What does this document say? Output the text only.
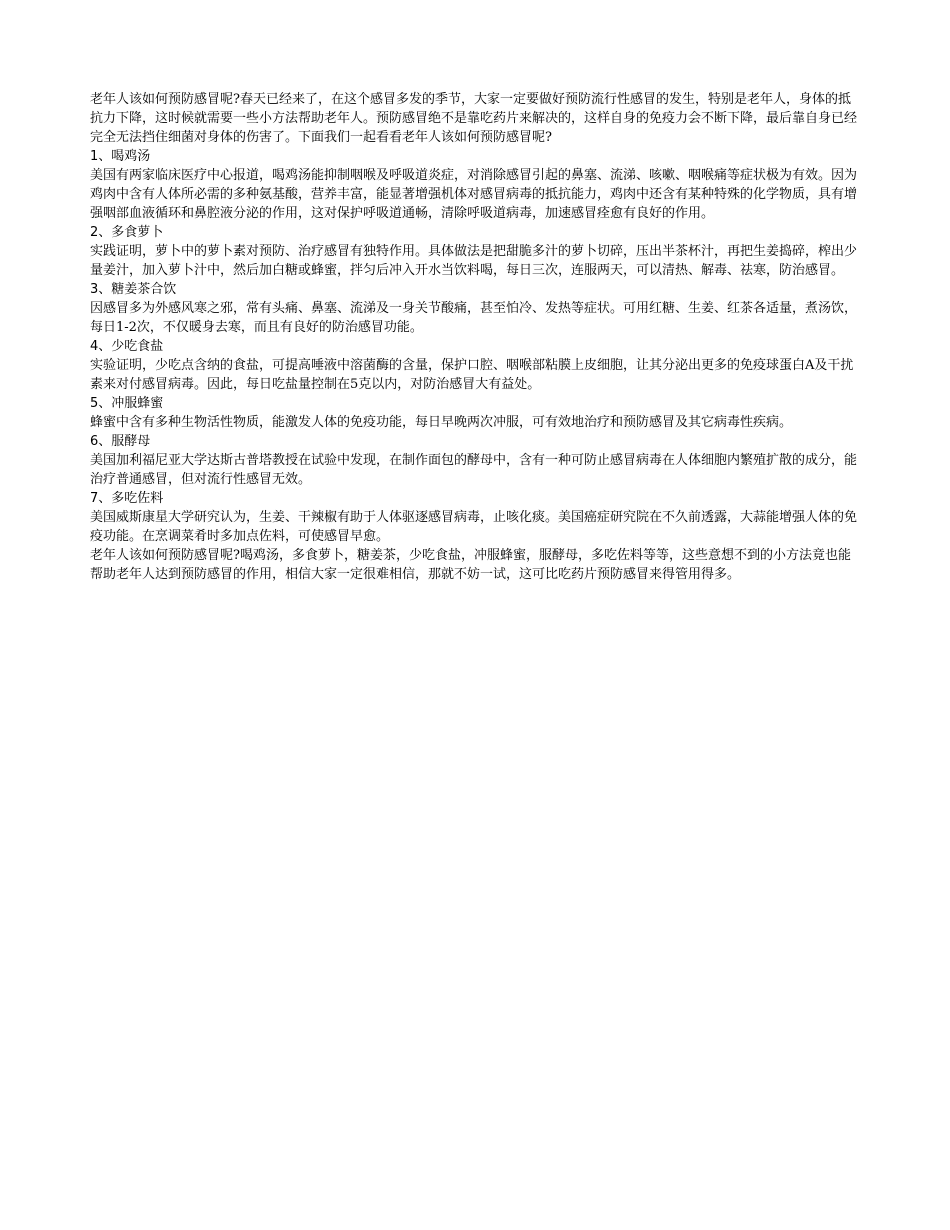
老年人该如何预防感冒呢?春天已经来了，在这个感冒多发的季节，大家一定要做好预防流行性感冒的发生，特别是老年人，身体的抵抗力下降，这时候就需要一些小方法帮助老年人。预防感冒绝不是靠吃药片来解决的，这样自身的免疫力会不断下降，最后靠自身已经完全无法挡住细菌对身体的伤害了。下面我们一起看看老年人该如何预防感冒呢?

1、喝鸡汤

美国有两家临床医疗中心报道，喝鸡汤能抑制咽喉及呼吸道炎症，对消除感冒引起的鼻塞、流涕、咳嗽、咽喉痛等症状极为有效。因为鸡肉中含有人体所必需的多种氨基酸，营养丰富，能显著增强机体对感冒病毒的抵抗能力，鸡肉中还含有某种特殊的化学物质，具有增强咽部血液循环和鼻腔液分泌的作用，这对保护呼吸道通畅，清除呼吸道病毒，加速感冒痊愈有良好的作用。

2、多食萝卜

实践证明，萝卜中的萝卜素对预防、治疗感冒有独特作用。具体做法是把甜脆多汁的萝卜切碎，压出半茶杯汁，再把生姜捣碎，榨出少量姜汁，加入萝卜汁中，然后加白糖或蜂蜜，拌匀后冲入开水当饮料喝，每日三次，连服两天，可以清热、解毒、祛寒，防治感冒。

3、糖姜茶合饮

因感冒多为外感风寒之邪，常有头痛、鼻塞、流涕及一身关节酸痛，甚至怕冷、发热等症状。可用红糖、生姜、红茶各适量，煮汤饮，每日1-2次，不仅暖身去寒，而且有良好的防治感冒功能。

4、少吃食盐

实验证明，少吃点含纳的食盐，可提高唾液中溶菌酶的含量，保护口腔、咽喉部粘膜上皮细胞，让其分泌出更多的免疫球蛋白A及干扰素来对付感冒病毒。因此，每日吃盐量控制在5克以内，对防治感冒大有益处。

5、冲服蜂蜜

蜂蜜中含有多种生物活性物质，能激发人体的免疫功能，每日早晚两次冲服，可有效地治疗和预防感冒及其它病毒性疾病。

6、服酵母

美国加利福尼亚大学达斯古普塔教授在试验中发现，在制作面包的酵母中，含有一种可防止感冒病毒在人体细胞内繁殖扩散的成分，能治疗普通感冒，但对流行性感冒无效。

7、多吃佐料

美国威斯康星大学研究认为，生姜、干辣椒有助于人体驱逐感冒病毒，止咳化痰。美国癌症研究院在不久前透露，大蒜能增强人体的免疫功能。在烹调菜肴时多加点佐料，可使感冒早愈。

老年人该如何预防感冒呢?喝鸡汤，多食萝卜，糖姜茶，少吃食盐，冲服蜂蜜，服酵母，多吃佐料等等，这些意想不到的小方法竟也能帮助老年人达到预防感冒的作用，相信大家一定很难相信，那就不妨一试，这可比吃药片预防感冒来得管用得多。
